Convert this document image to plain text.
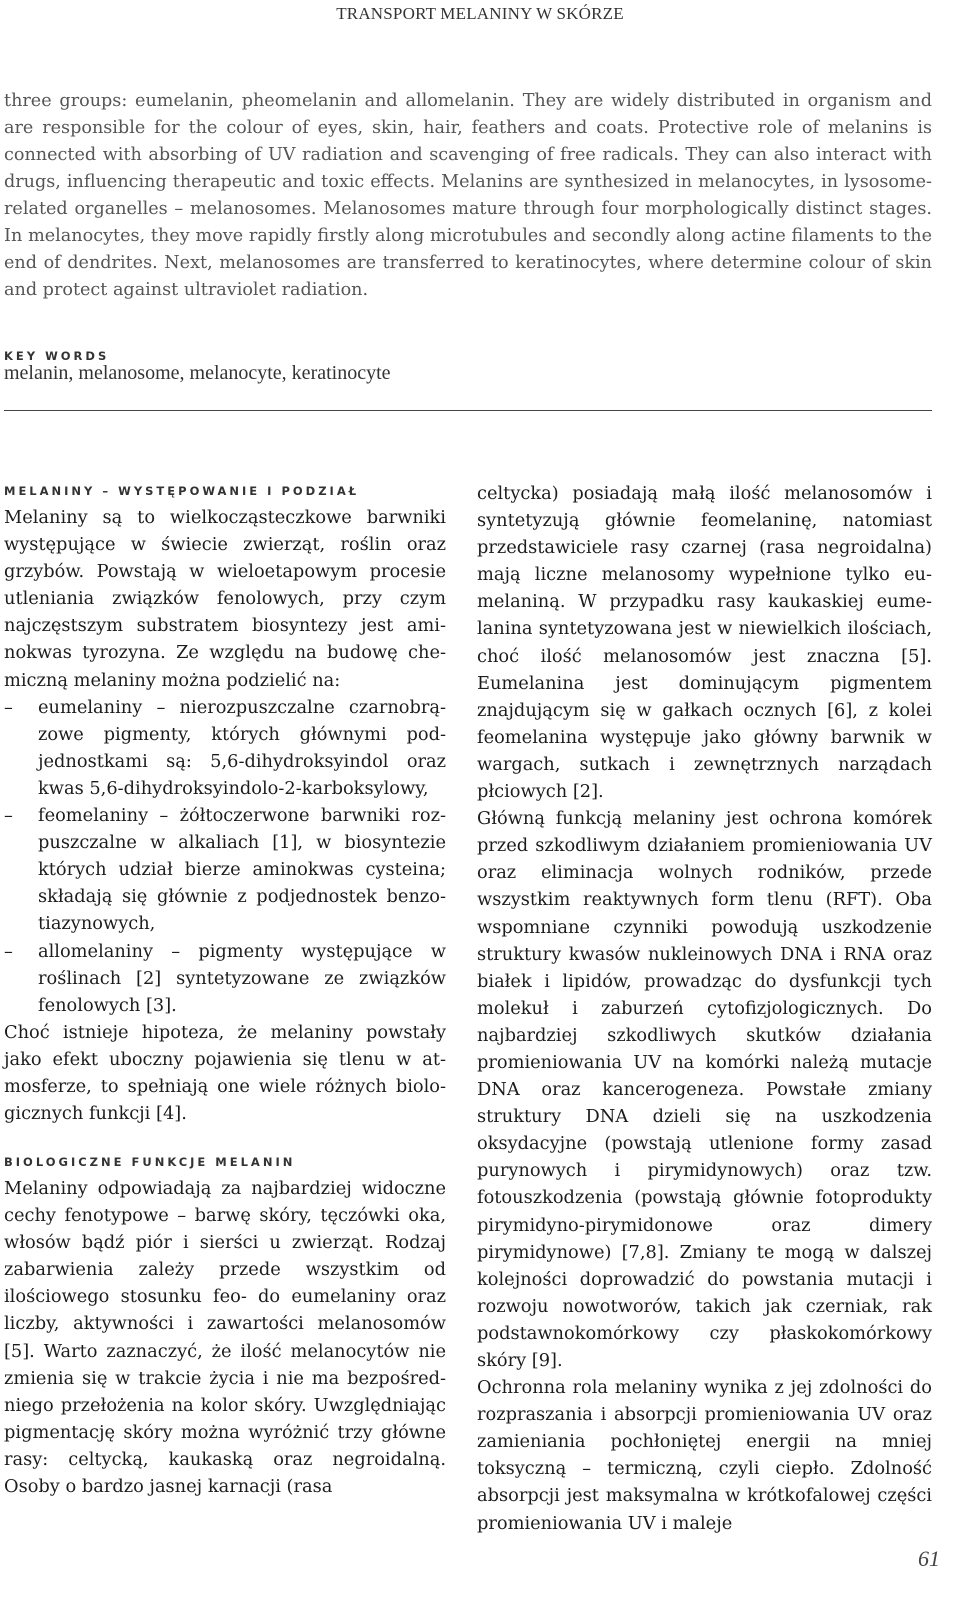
TRANSPORT MELANINY W SKÓRZE

three groups: eumelanin, pheomelanin and allomelanin. They are widely distributed in organism and are responsible for the colour of eyes, skin, hair, feathers and coats. Protective role of melanins is connected with absorbing of UV radiation and scavenging of free radicals. They can also interact with drugs, influencing therapeutic and toxic effects. Melanins are synthesized in melanocytes, in lysosome-related organelles – melanosomes. Melanosomes mature through four morphologically distinct stages. In melanocytes, they move rapidly firstly along microtubules and secondly along actine filaments to the end of dendrites. Next, melanosomes are transferred to keratinocytes, where determine colour of skin and protect against ultraviolet radiation.

KEY WORDS
melanin, melanosome, melanocyte, keratinocyte
MELANINY – WYSTĘPOWANIE I PODZIAŁ

Melaniny są to wielkocząsteczkowe barwniki występujące w świecie zwierząt, roślin oraz grzybów. Powstają w wieloetapowym procesie utleniania związków fenolowych, przy czym najczęstszym substratem biosyntezy jest aminokwas tyrozyna. Ze względu na budowę chemiczną melaniny można podzielić na:

–	eumelaniny – nierozpuszczalne czarnobrązowe pigmenty, których głównymi podjednostkami są: 5,6-dihydroksyindol oraz kwas 5,6-dihydroksyindolo-2-karboksylowy,
–	feomelaniny – żółtoczerwone barwniki rozpuszczalne w alkaliach [1], w biosyntezie których udział bierze aminokwas cysteina; składają się głównie z podjednostek benzotiazynowych,
–	allomelaniny – pigmenty występujące w roślinach [2] syntetyzowane ze związków fenolowych [3].

Choć istnieje hipoteza, że melaniny powstały jako efekt uboczny pojawienia się tlenu w atmosferze, to spełniają one wiele różnych biologicznych funkcji [4].

BIOLOGICZNE FUNKCJE MELANIN

Melaniny odpowiadają za najbardziej widoczne cechy fenotypowe – barwę skóry, tęczówki oka, włosów bądź piór i sierści u zwierząt. Rodzaj zabarwienia zależy przede wszystkim od ilościowego stosunku feo- do eumelaniny oraz liczby, aktywności i zawartości melanosomów [5]. Warto zaznaczyć, że ilość melanocytów nie zmienia się w trakcie życia i nie ma bezpośredniego przełożenia na kolor skóry. Uwzględniając pigmentację skóry można wyróżnić trzy główne rasy: celtycką, kaukaską oraz negroidalną. Osoby o bardzo jasnej karnacji (rasa

celtycka) posiadają małą ilość melanosomów i syntetyzują głównie feomelaninę, natomiast przedstawiciele rasy czarnej (rasa negroidalna) mają liczne melanosomy wypełnione tylko eumelaniną. W przypadku rasy kaukaskiej eumelanina syntetyzowana jest w niewielkich ilościach, choć ilość melanosomów jest znaczna [5]. Eumelanina jest dominującym pigmentem znajdującym się w gałkach ocznych [6], z kolei feomelanina występuje jako główny barwnik w wargach, sutkach i zewnętrznych narządach płciowych [2].

Główną funkcją melaniny jest ochrona komórek przed szkodliwym działaniem promieniowania UV oraz eliminacja wolnych rodników, przede wszystkim reaktywnych form tlenu (RFT). Oba wspomniane czynniki powodują uszkodzenie struktury kwasów nukleinowych DNA i RNA oraz białek i lipidów, prowadząc do dysfunkcji tych molekuł i zaburzeń cytofizjologicznych. Do najbardziej szkodliwych skutków działania promieniowania UV na komórki należą mutacje DNA oraz kancerogeneza. Powstałe zmiany struktury DNA dzieli się na uszkodzenia oksydacyjne (powstają utlenione formy zasad purynowych i pirymidynowych) oraz tzw. fotouszkodzenia (powstają głównie fotoprodukty pirymidyno-pirymidonowe oraz dimery pirymidynowe) [7,8]. Zmiany te mogą w dalszej kolejności doprowadzić do powstania mutacji i rozwoju nowotworów, takich jak czerniak, rak podstawnokomórkowy czy płaskokomórkowy skóry [9].

Ochronna rola melaniny wynika z jej zdolności do rozpraszania i absorpcji promieniowania UV oraz zamieniania pochłoniętej energii na mniej toksyczną – termiczną, czyli ciepło. Zdolność absorpcji jest maksymalna w krótkofalowej części promieniowania UV i maleje

61
